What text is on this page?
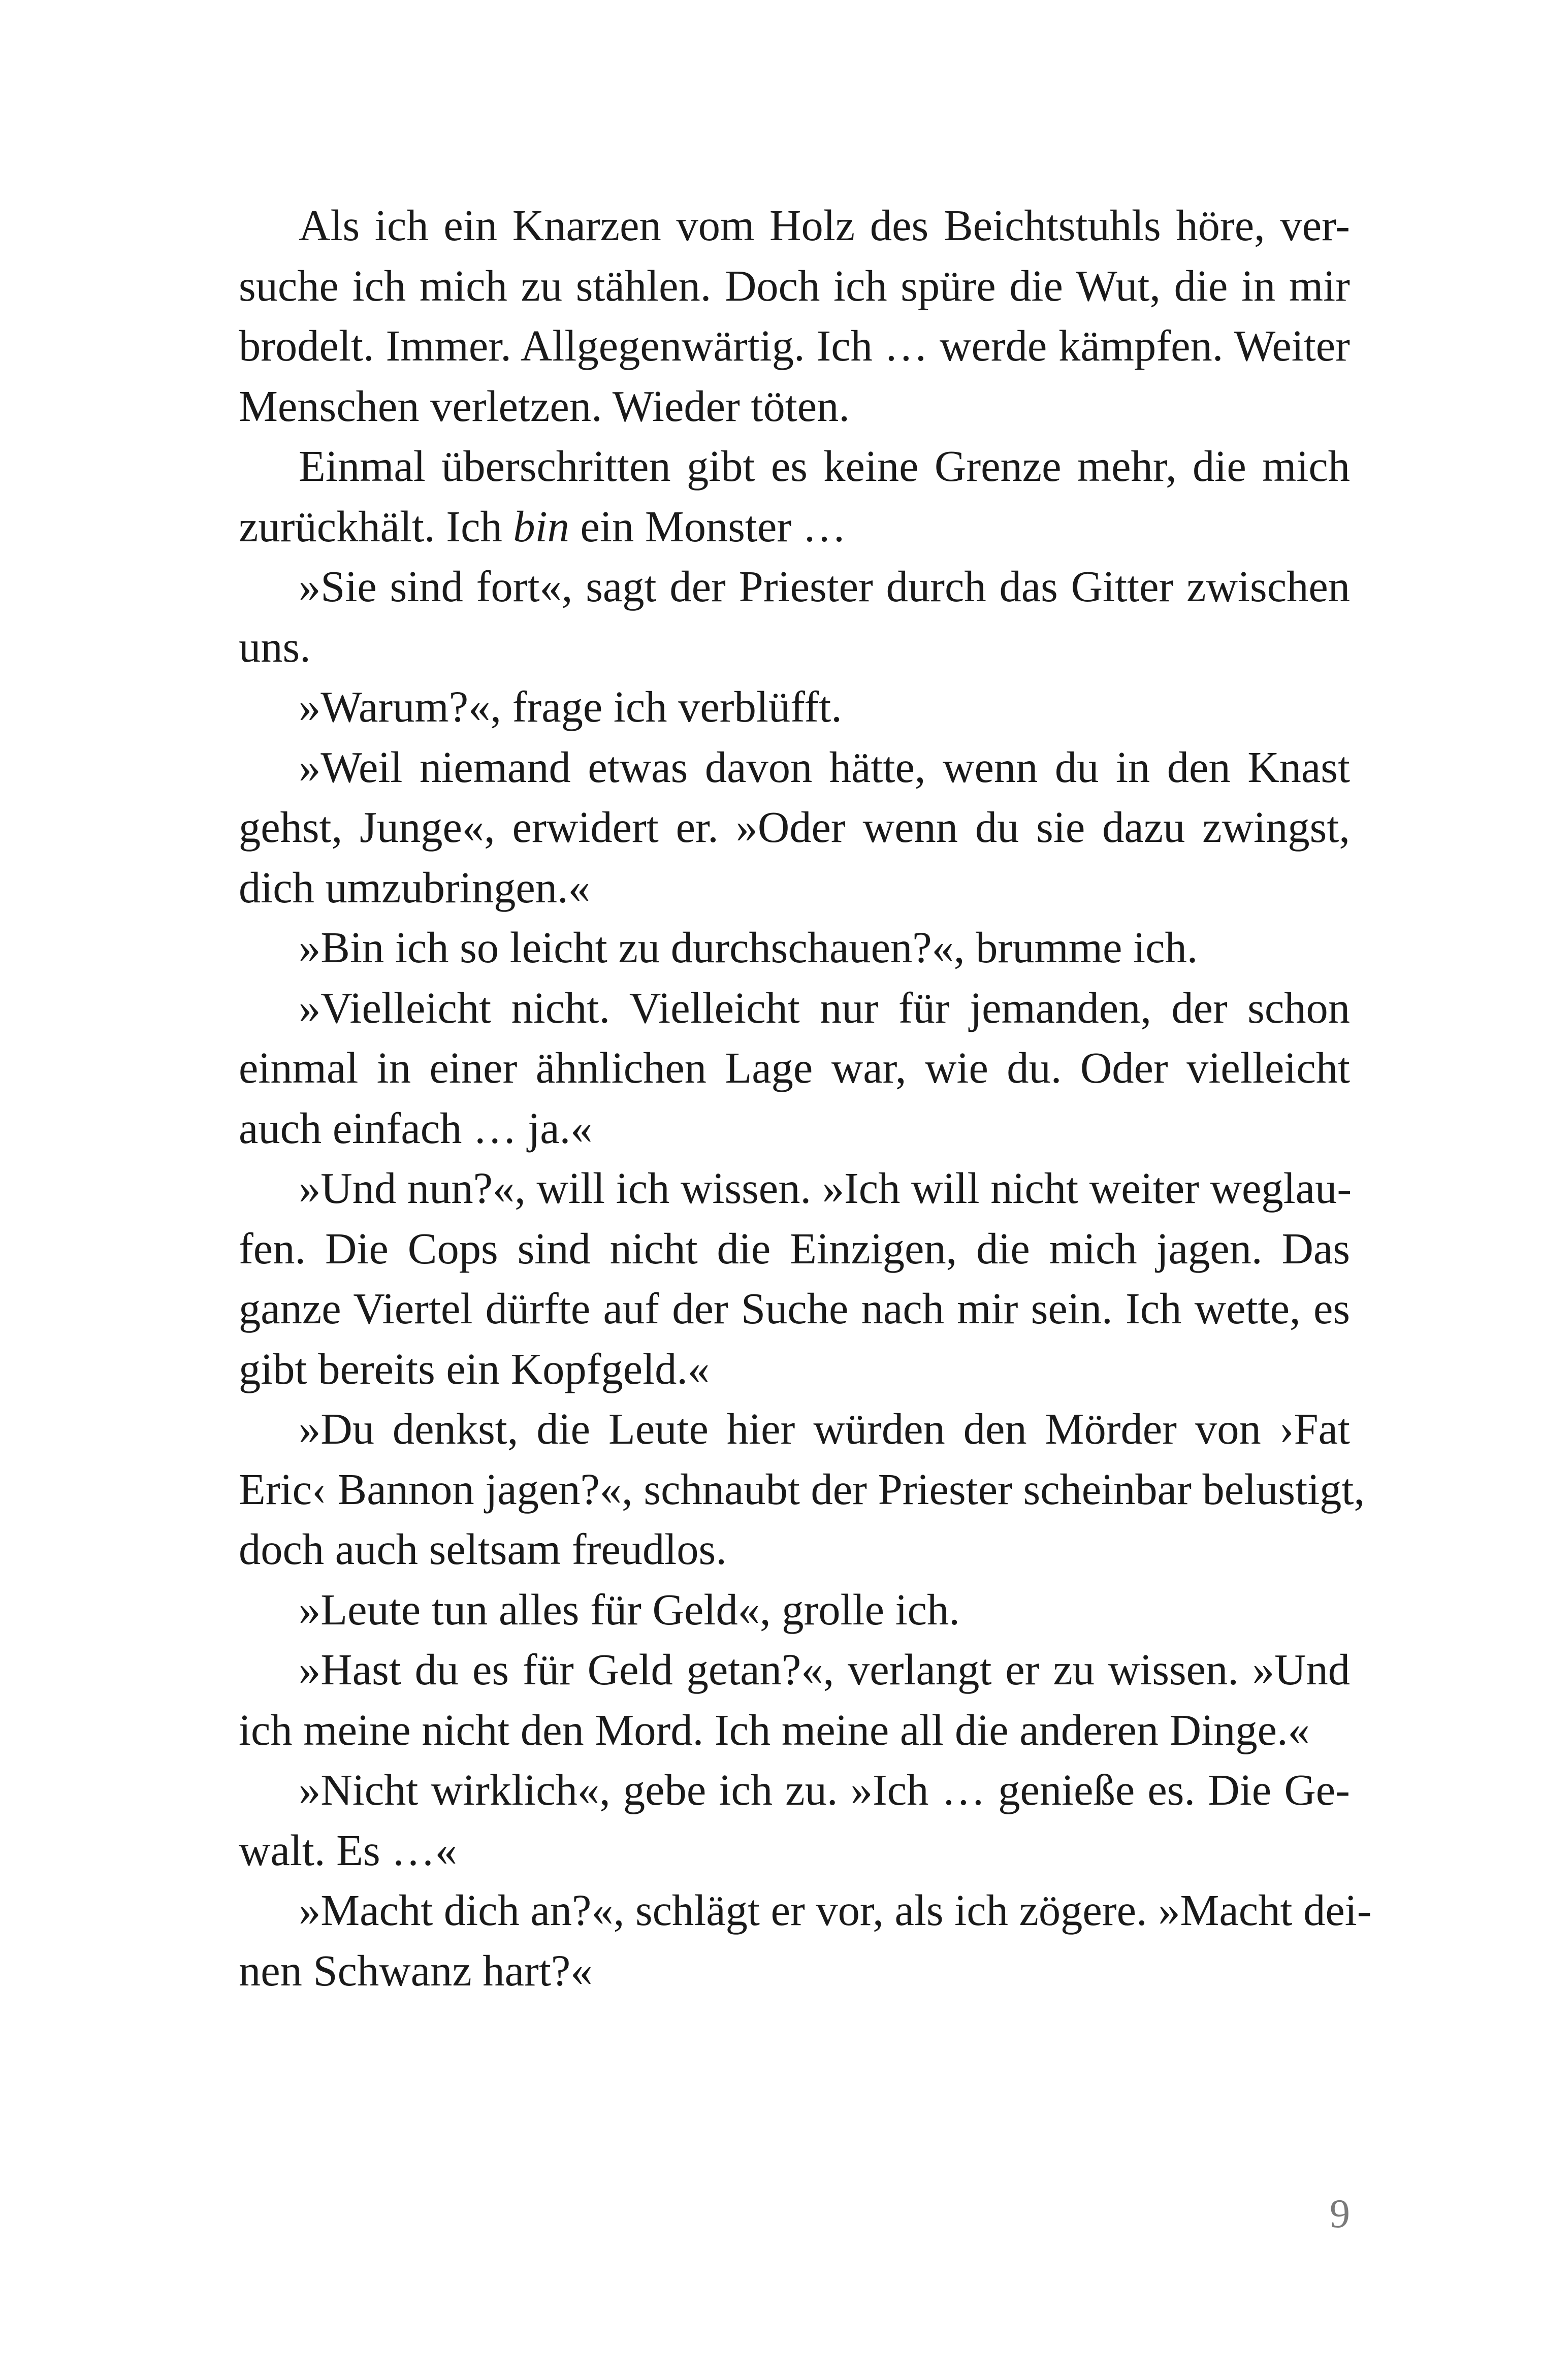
Als ich ein Knarzen vom Holz des Beichtstuhls höre, ver-
suche ich mich zu stählen. Doch ich spüre die Wut, die in mir
brodelt. Immer. Allgegenwärtig. Ich … werde kämpfen. Weiter
Menschen verletzen. Wieder töten.
Einmal überschritten gibt es keine Grenze mehr, die mich
zurückhält. Ich bin ein Monster …
»Sie sind fort«, sagt der Priester durch das Gitter zwischen
uns.
»Warum?«, frage ich verblüfft.
»Weil niemand etwas davon hätte, wenn du in den Knast
gehst, Junge«, erwidert er. »Oder wenn du sie dazu zwingst,
dich umzubringen.«
»Bin ich so leicht zu durchschauen?«, brumme ich.
»Vielleicht nicht. Vielleicht nur für jemanden, der schon
einmal in einer ähnlichen Lage war, wie du. Oder vielleicht
auch einfach … ja.«
»Und nun?«, will ich wissen. »Ich will nicht weiter weglau-
fen. Die Cops sind nicht die Einzigen, die mich jagen. Das
ganze Viertel dürfte auf der Suche nach mir sein. Ich wette, es
gibt bereits ein Kopfgeld.«
»Du denkst, die Leute hier würden den Mörder von ›Fat
Eric‹ Bannon jagen?«, schnaubt der Priester scheinbar belustigt,
doch auch seltsam freudlos.
»Leute tun alles für Geld«, grolle ich.
»Hast du es für Geld getan?«, verlangt er zu wissen. »Und
ich meine nicht den Mord. Ich meine all die anderen Dinge.«
»Nicht wirklich«, gebe ich zu. »Ich … genieße es. Die Ge-
walt. Es …«
»Macht dich an?«, schlägt er vor, als ich zögere. »Macht dei-
nen Schwanz hart?«
9
